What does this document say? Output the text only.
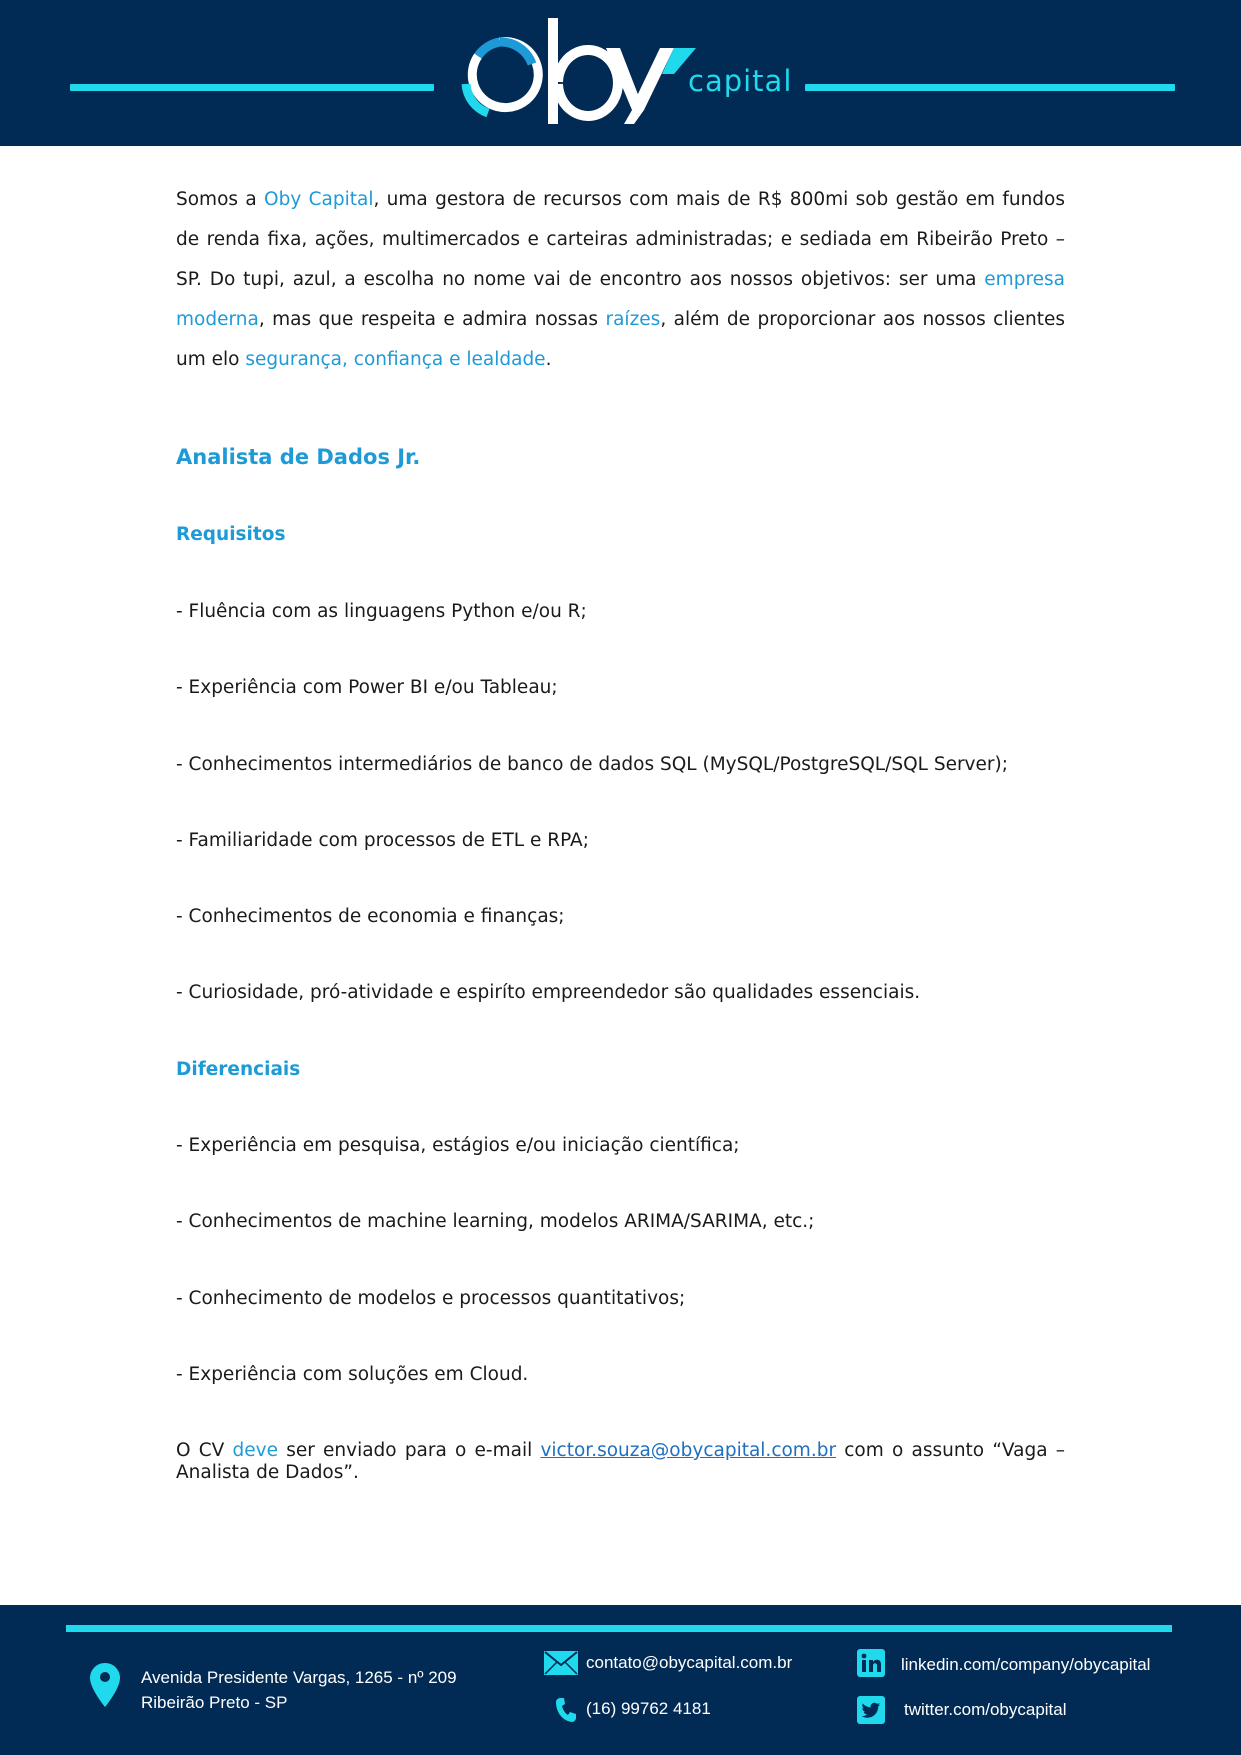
capital

Somos a Oby Capital, uma gestora de recursos com mais de R$ 800mi sob gestão em fundos de renda fixa, ações, multimercados e carteiras administradas; e sediada em Ribeirão Preto – SP. Do tupi, azul, a escolha no nome vai de encontro aos nossos objetivos: ser uma empresa moderna, mas que respeita e admira nossas raízes, além de proporcionar aos nossos clientes um elo segurança, confiança e lealdade.

Analista de Dados Jr.
Requisitos

- Fluência com as linguagens Python e/ou R;

- Experiência com Power BI e/ou Tableau;

- Conhecimentos intermediários de banco de dados SQL (MySQL/PostgreSQL/SQL Server);

- Familiaridade com processos de ETL e RPA;

- Conhecimentos de economia e finanças;

- Curiosidade, pró-atividade e espiríto empreendedor são qualidades essenciais.

Diferenciais

- Experiência em pesquisa, estágios e/ou iniciação científica;

- Conhecimentos de machine learning, modelos ARIMA/SARIMA, etc.;

- Conhecimento de modelos e processos quantitativos;

- Experiência com soluções em Cloud.

O CV deve ser enviado para o e-mail victor.souza@obycapital.com.br com o assunto “Vaga – Analista de Dados”.

Avenida Presidente Vargas, 1265 - nº 209
Ribeirão Preto - SP
contato@obycapital.com.br
(16) 99762 4181
linkedin.com/company/obycapital
twitter.com/obycapital
